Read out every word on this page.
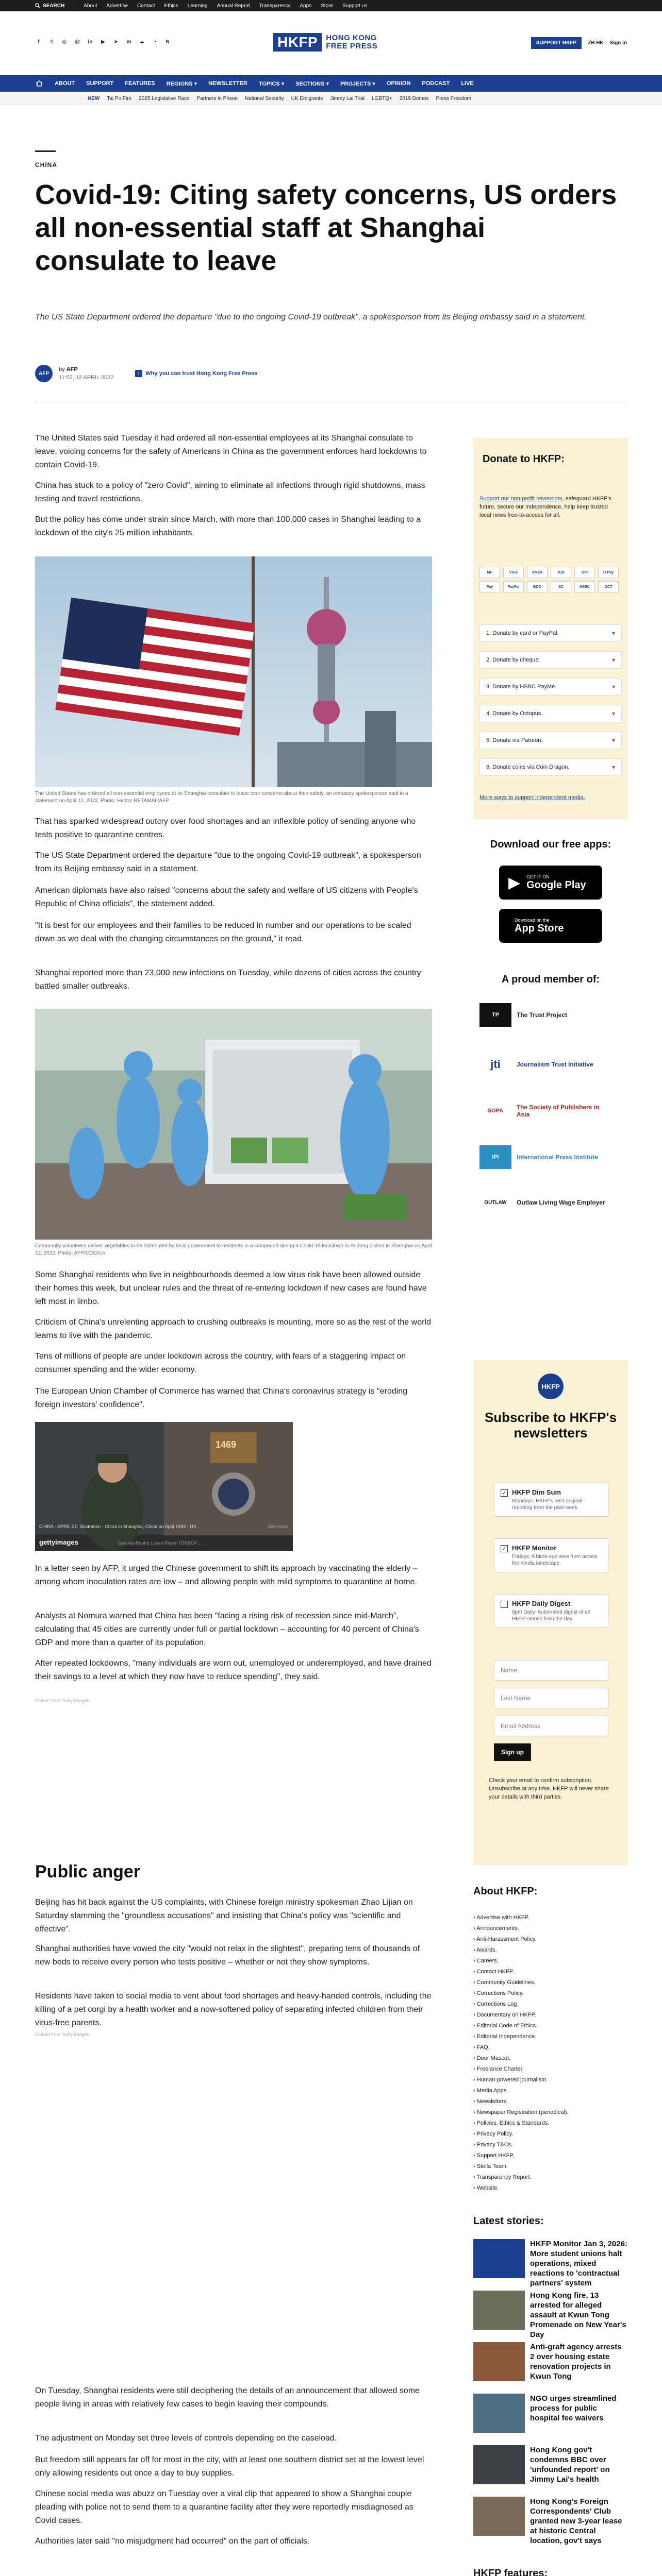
SEARCH	About Advertise Contact Ethics Learning Annual Report Transparency Apps Store Support us
f	𝕏 ◎ @ in	▶	➤ m ☁	◔	N	HKFP	HONG KONG
FREE PRESS	SUPPORT HKFP	ZH HK Sign in
ABOUT SUPPORT FEATURES REGIONS ▾ NEWSLETTER TOPICS ▾ SECTIONS ▾ PROJECTS ▾ OPINION PODCAST LIVE
NEW Tai Po Fire 2025 Legislative Race Partners in Prison National Security UK Emigrants Jimmy Lai Trial LGBTQ+ 2019 Demos Press Freedom
CHINA
Covid-19: Citing safety concerns, US orders all non-essential staff at Shanghai consulate to leave

The US State Department ordered the departure "due to the ongoing Covid-19 outbreak", a spokesperson from its Beijing embassy said in a statement.

AFP
by AFP
11:52, 12 APRIL 2022
i	Why you can trust Hong Kong Free Press

The United States said Tuesday it had ordered all non-essential employees at its Shanghai consulate to leave, voicing concerns for the safety of Americans in China as the government enforces hard lockdowns to contain Covid-19.

China has stuck to a policy of "zero Covid", aiming to eliminate all infections through rigid shutdowns, mass testing and travel restrictions.

But the policy has come under strain since March, with more than 100,000 cases in Shanghai leading to a lockdown of the city's 25 million inhabitants.

The United States has ordered all non-essential employees at its Shanghai consulate to leave over concerns about their safety, an embassy spokesperson said in a statement on April 12, 2022. Photo: Hector RETAMAL/AFP

That has sparked widespread outcry over food shortages and an inflexible policy of sending anyone who tests positive to quarantine centres.

The US State Department ordered the departure "due to the ongoing Covid-19 outbreak", a spokesperson from its Beijing embassy said in a statement.

American diplomats have also raised "concerns about the safety and welfare of US citizens with People's Republic of China officials", the statement added.

"It is best for our employees and their families to be reduced in number and our operations to be scaled down as we deal with the changing circumstances on the ground," it read.

Shanghai reported more than 23,000 new infections on Tuesday, while dozens of cities across the country battled smaller outbreaks.

Community volunteers deliver vegetables to be distributed by local government to residents in a compound during a Covid-19 lockdown in Pudong district in Shanghai on April 12, 2022. Photo: AFP/CCG/Lin

Some Shanghai residents who live in neighbourhoods deemed a low virus risk have been allowed outside their homes this week, but unclear rules and the threat of re-entering lockdown if new cases are found have left most in limbo.

Criticism of China's unrelenting approach to crushing outbreaks is mounting, more so as the rest of the world learns to live with the pandemic.

Tens of millions of people are under lockdown across the country, with fears of a staggering impact on consumer spending and the wider economy.

The European Union Chamber of Commerce has warned that China's coronavirus strategy is "eroding foreign investors' confidence".

1469
CHINA - APRIL 01: Illustration - China in Shanghai, China on April 1984 - US ...	See more
gettyimages	Gamma-Rapho | Jean Pierre TORBOF...

In a letter seen by AFP, it urged the Chinese government to shift its approach by vaccinating the elderly – among whom inoculation rates are low – and allowing people with mild symptoms to quarantine at home.

Analysts at Nomura warned that China has been "facing a rising risk of recession since mid-March", calculating that 45 cities are currently under full or partial lockdown – accounting for 40 percent of China's GDP and more than a quarter of its population.

After repeated lockdowns, "many individuals are worn out, unemployed or underemployed, and have drained their savings to a level at which they now have to reduce spending", they said.

Embed from Getty Images
Public anger

Beijing has hit back against the US complaints, with Chinese foreign ministry spokesman Zhao Lijian on Saturday slamming the "groundless accusations" and insisting that China's policy was "scientific and effective".

Shanghai authorities have vowed the city "would not relax in the slightest", preparing tens of thousands of new beds to receive every person who tests positive – whether or not they show symptoms.

Residents have taken to social media to vent about food shortages and heavy-handed controls, including the killing of a pet corgi by a health worker and a now-softened policy of separating infected children from their virus-free parents.

Embed from Getty Images

On Tuesday, Shanghai residents were still deciphering the details of an announcement that allowed some people living in areas with relatively few cases to begin leaving their compounds.

The adjustment on Monday set three levels of controls depending on the caseload.

But freedom still appears far off for most in the city, with at least one southern district set at the lowest level only allowing residents out once a day to buy supplies.

Chinese social media was abuzz on Tuesday over a viral clip that appeared to show a Shanghai couple pleading with police not to send them to a quarantine facility after they were reportedly misdiagnosed as Covid cases.

Authorities later said "no misjudgment had occurred" on the part of officials.

Donate to HKFP:
Support our non-profit newsroom, safeguard HKFP's future, secure our independence, help keep trusted local news free-to-access for all.
MC	VISA	AMEX	JCB	UPI	G Pay
Pay	PayPal	BOC	SC	HSBC	OCT
1. Donate by card or PayPal.	▾
2. Donate by cheque.	▾
3. Donate by HSBC PayMe.	▾
4. Donate by Octopus.	▾
5. Donate via Patreon.	▾
6. Donate coins via Coin Dragon.	▾
More ways to support independent media.
Download our free apps:
▶ GET IT ON
Google Play
Download on the
App Store
A proud member of:
TP	The Trust Project
jti	Journalism Trust Initiative
SOPA	The Society of Publishers in Asia
IPI	International Press Institute
OUTLAW	Outlaw Living Wage Employer
HKFP
Subscribe to HKFP's newsletters
✓ HKFP Dim Sum
Mondays: HKFP's best original reporting from the past week.
✓ HKFP Monitor
Fridays: A birds-eye view from across the media landscape.
HKFP Daily Digest
9pm Daily: Automated digest of all HKFP stories from the day.
Name
Last Name
Email Address
Sign up

Check your email to confirm subscription. Unsubscribe at any time. HKFP will never share your details with third parties.

About HKFP:
› Advertise with HKFP.
› Announcements.
› Anti-Harassment Policy.
› Awards.
› Careers.
› Contact HKFP.
› Community Guidelines.
› Corrections Policy.
› Corrections Log.
› Documentary on HKFP.
› Editorial Code of Ethics.
› Editorial Independence.
› FAQ.
› Deer Mascot.
› Freelance Charter.
› Human-powered journalism.
› Media Apps.
› Newsletters.
› Newspaper Registration (periodical).
› Policies, Ethics & Standards.
› Privacy Policy.
› Privacy T&Cs.
› Support HKFP.
› Stella Team.
› Transparency Report.
› Website.
Latest stories:
HKFP Monitor Jan 3, 2026: More student unions halt operations, mixed reactions to 'contractual partners' system
Hong Kong fire, 13 arrested for alleged assault at Kwun Tong Promenade on New Year's Day
Anti-graft agency arrests 2 over housing estate renovation projects in Kwun Tong
NGO urges streamlined process for public hospital fee waivers
Hong Kong gov't condemns BBC over 'unfounded report' on Jimmy Lai's health
Hong Kong's Foreign Correspondents' Club granted new 3-year lease at historic Central location, gov't says
HKFP features:
